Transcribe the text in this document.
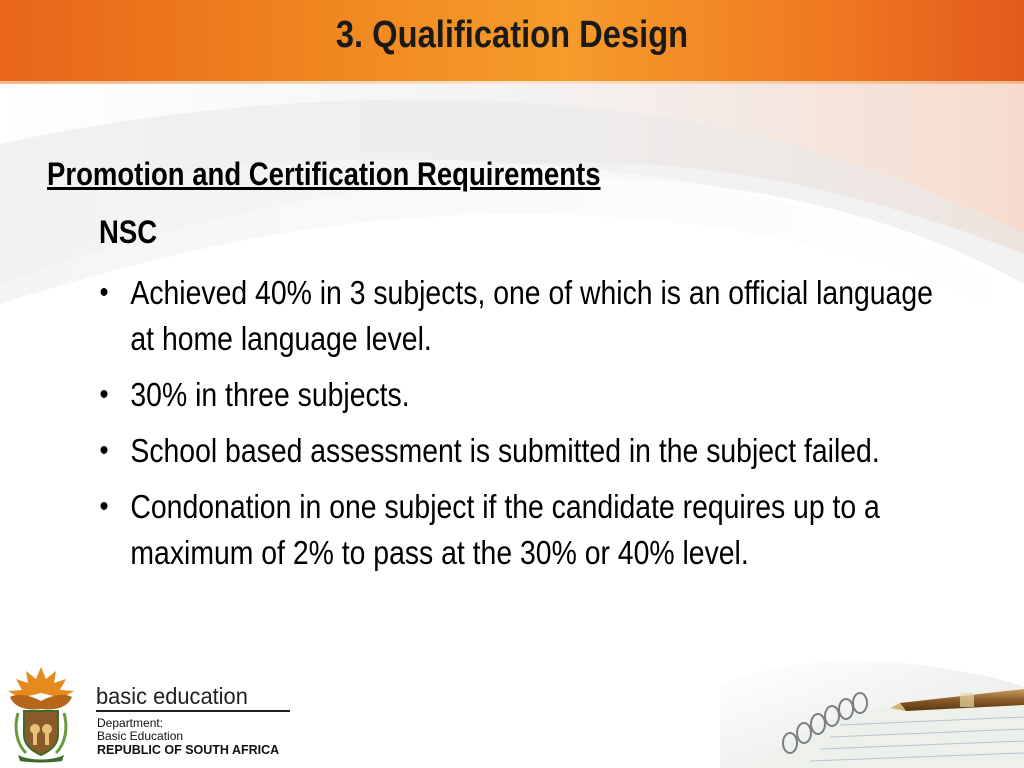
3. Qualification Design
Promotion and Certification Requirements
NSC
• Achieved 40% in 3 subjects, one of which is an official language at home language level.
• 30% in three subjects.
• School based assessment is submitted in the subject failed.
• Condonation in one subject if the candidate requires up to a maximum of 2% to pass at the 30% or 40% level.
basic education
Department:
Basic Education
REPUBLIC OF SOUTH AFRICA
